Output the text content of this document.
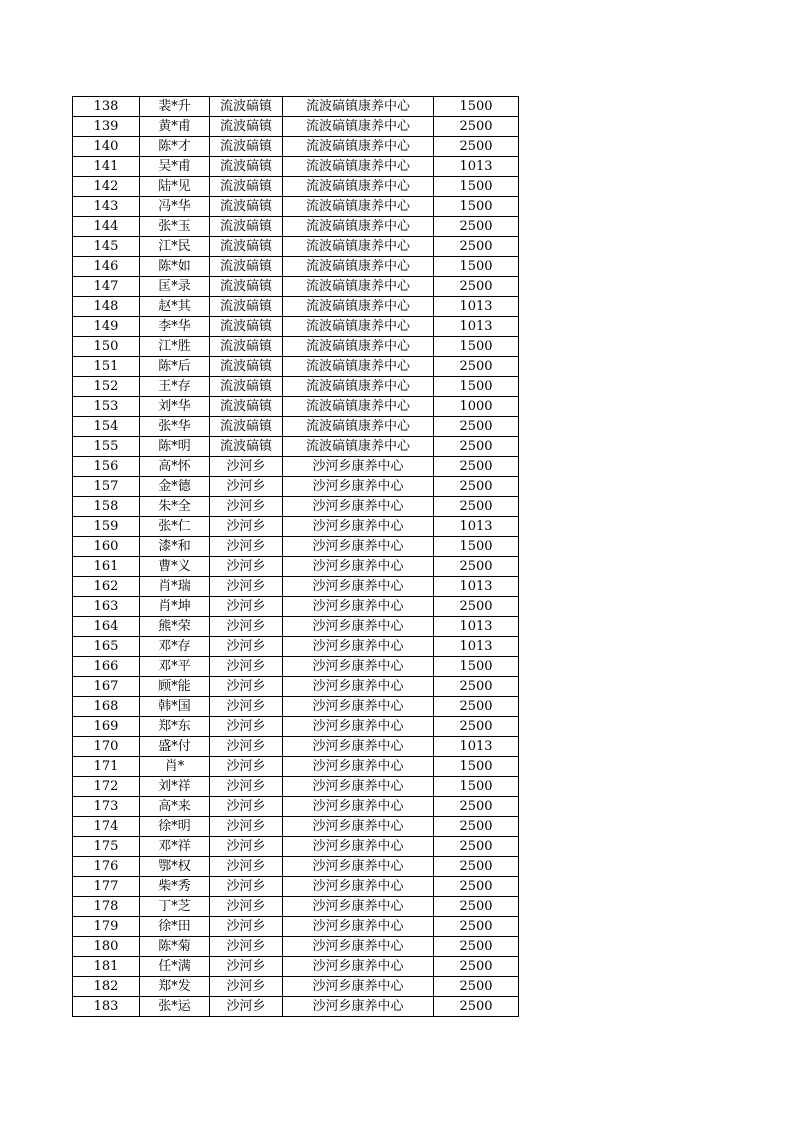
138	裴*升	流波碻镇	流波碻镇康养中心	1500
139	黄*甫	流波碻镇	流波碻镇康养中心	2500
140	陈*才	流波碻镇	流波碻镇康养中心	2500
141	吴*甫	流波碻镇	流波碻镇康养中心	1013
142	陆*见	流波碻镇	流波碻镇康养中心	1500
143	冯*华	流波碻镇	流波碻镇康养中心	1500
144	张*玉	流波碻镇	流波碻镇康养中心	2500
145	江*民	流波碻镇	流波碻镇康养中心	2500
146	陈*如	流波碻镇	流波碻镇康养中心	1500
147	匡*录	流波碻镇	流波碻镇康养中心	2500
148	赵*其	流波碻镇	流波碻镇康养中心	1013
149	李*华	流波碻镇	流波碻镇康养中心	1013
150	江*胜	流波碻镇	流波碻镇康养中心	1500
151	陈*后	流波碻镇	流波碻镇康养中心	2500
152	王*存	流波碻镇	流波碻镇康养中心	1500
153	刘*华	流波碻镇	流波碻镇康养中心	1000
154	张*华	流波碻镇	流波碻镇康养中心	2500
155	陈*明	流波碻镇	流波碻镇康养中心	2500
156	高*怀	沙河乡	沙河乡康养中心	2500
157	金*德	沙河乡	沙河乡康养中心	2500
158	朱*全	沙河乡	沙河乡康养中心	2500
159	张*仁	沙河乡	沙河乡康养中心	1013
160	漆*和	沙河乡	沙河乡康养中心	1500
161	曹*义	沙河乡	沙河乡康养中心	2500
162	肖*瑞	沙河乡	沙河乡康养中心	1013
163	肖*坤	沙河乡	沙河乡康养中心	2500
164	熊*荣	沙河乡	沙河乡康养中心	1013
165	邓*存	沙河乡	沙河乡康养中心	1013
166	邓*平	沙河乡	沙河乡康养中心	1500
167	顾*能	沙河乡	沙河乡康养中心	2500
168	韩*国	沙河乡	沙河乡康养中心	2500
169	郑*东	沙河乡	沙河乡康养中心	2500
170	盛*付	沙河乡	沙河乡康养中心	1013
171	肖*	沙河乡	沙河乡康养中心	1500
172	刘*祥	沙河乡	沙河乡康养中心	1500
173	高*来	沙河乡	沙河乡康养中心	2500
174	徐*明	沙河乡	沙河乡康养中心	2500
175	邓*祥	沙河乡	沙河乡康养中心	2500
176	鄂*权	沙河乡	沙河乡康养中心	2500
177	柴*秀	沙河乡	沙河乡康养中心	2500
178	丁*芝	沙河乡	沙河乡康养中心	2500
179	徐*田	沙河乡	沙河乡康养中心	2500
180	陈*菊	沙河乡	沙河乡康养中心	2500
181	任*满	沙河乡	沙河乡康养中心	2500
182	郑*发	沙河乡	沙河乡康养中心	2500
183	张*运	沙河乡	沙河乡康养中心	2500
